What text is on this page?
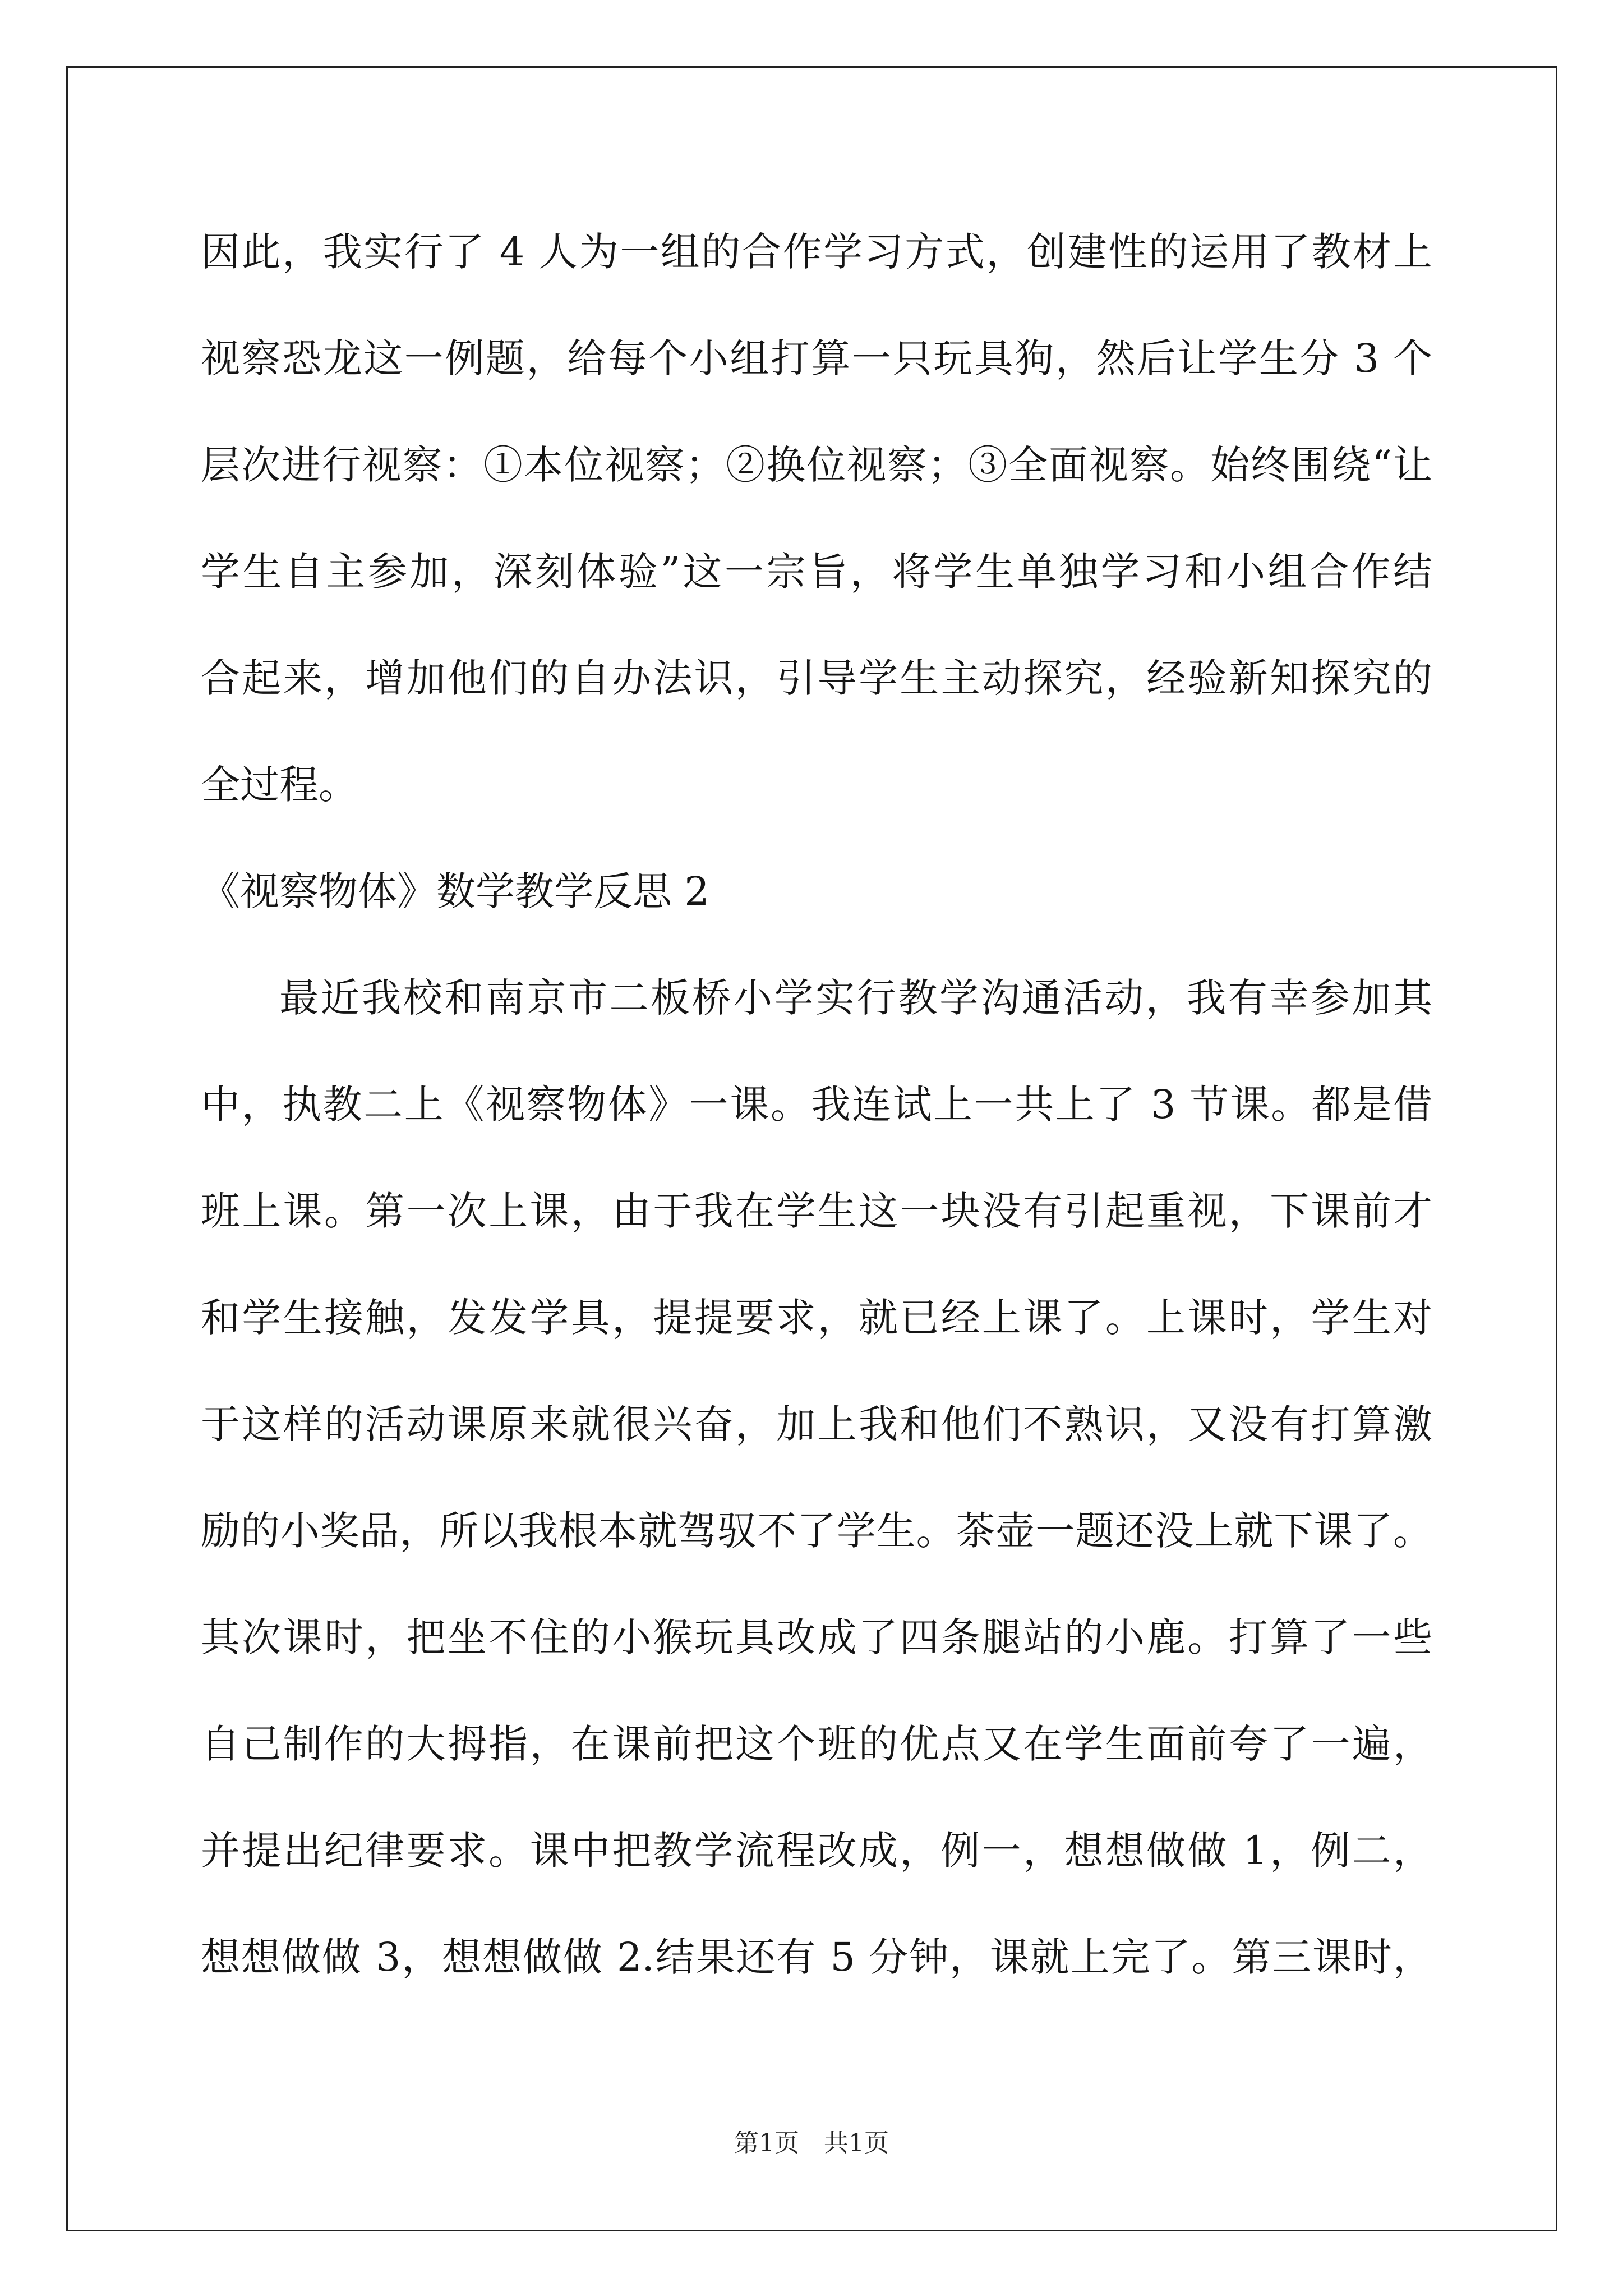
因此，我实行了 4 人为一组的合作学习方式，创建性的运用了教材上
视察恐龙这一例题，给每个小组打算一只玩具狗，然后让学生分 3 个
层次进行视察：①本位视察；②换位视察；③全面视察。始终围绕“让
学生自主参加，深刻体验”这一宗旨，将学生单独学习和小组合作结
合起来，增加他们的自办法识，引导学生主动探究，经验新知探究的
全过程。
《视察物体》数学教学反思 2
最近我校和南京市二板桥小学实行教学沟通活动，我有幸参加其
中，执教二上《视察物体》一课。我连试上一共上了 3 节课。都是借
班上课。第一次上课，由于我在学生这一块没有引起重视，下课前才
和学生接触，发发学具，提提要求，就已经上课了。上课时，学生对
于这样的活动课原来就很兴奋，加上我和他们不熟识，又没有打算激
励的小奖品，所以我根本就驾驭不了学生。茶壶一题还没上就下课了。
其次课时，把坐不住的小猴玩具改成了四条腿站的小鹿。打算了一些
自己制作的大拇指，在课前把这个班的优点又在学生面前夸了一遍，
并提出纪律要求。课中把教学流程改成，例一，想想做做 1，例二，
想想做做 3，想想做做 2.结果还有 5 分钟，课就上完了。第三课时，
第1页 共1页
